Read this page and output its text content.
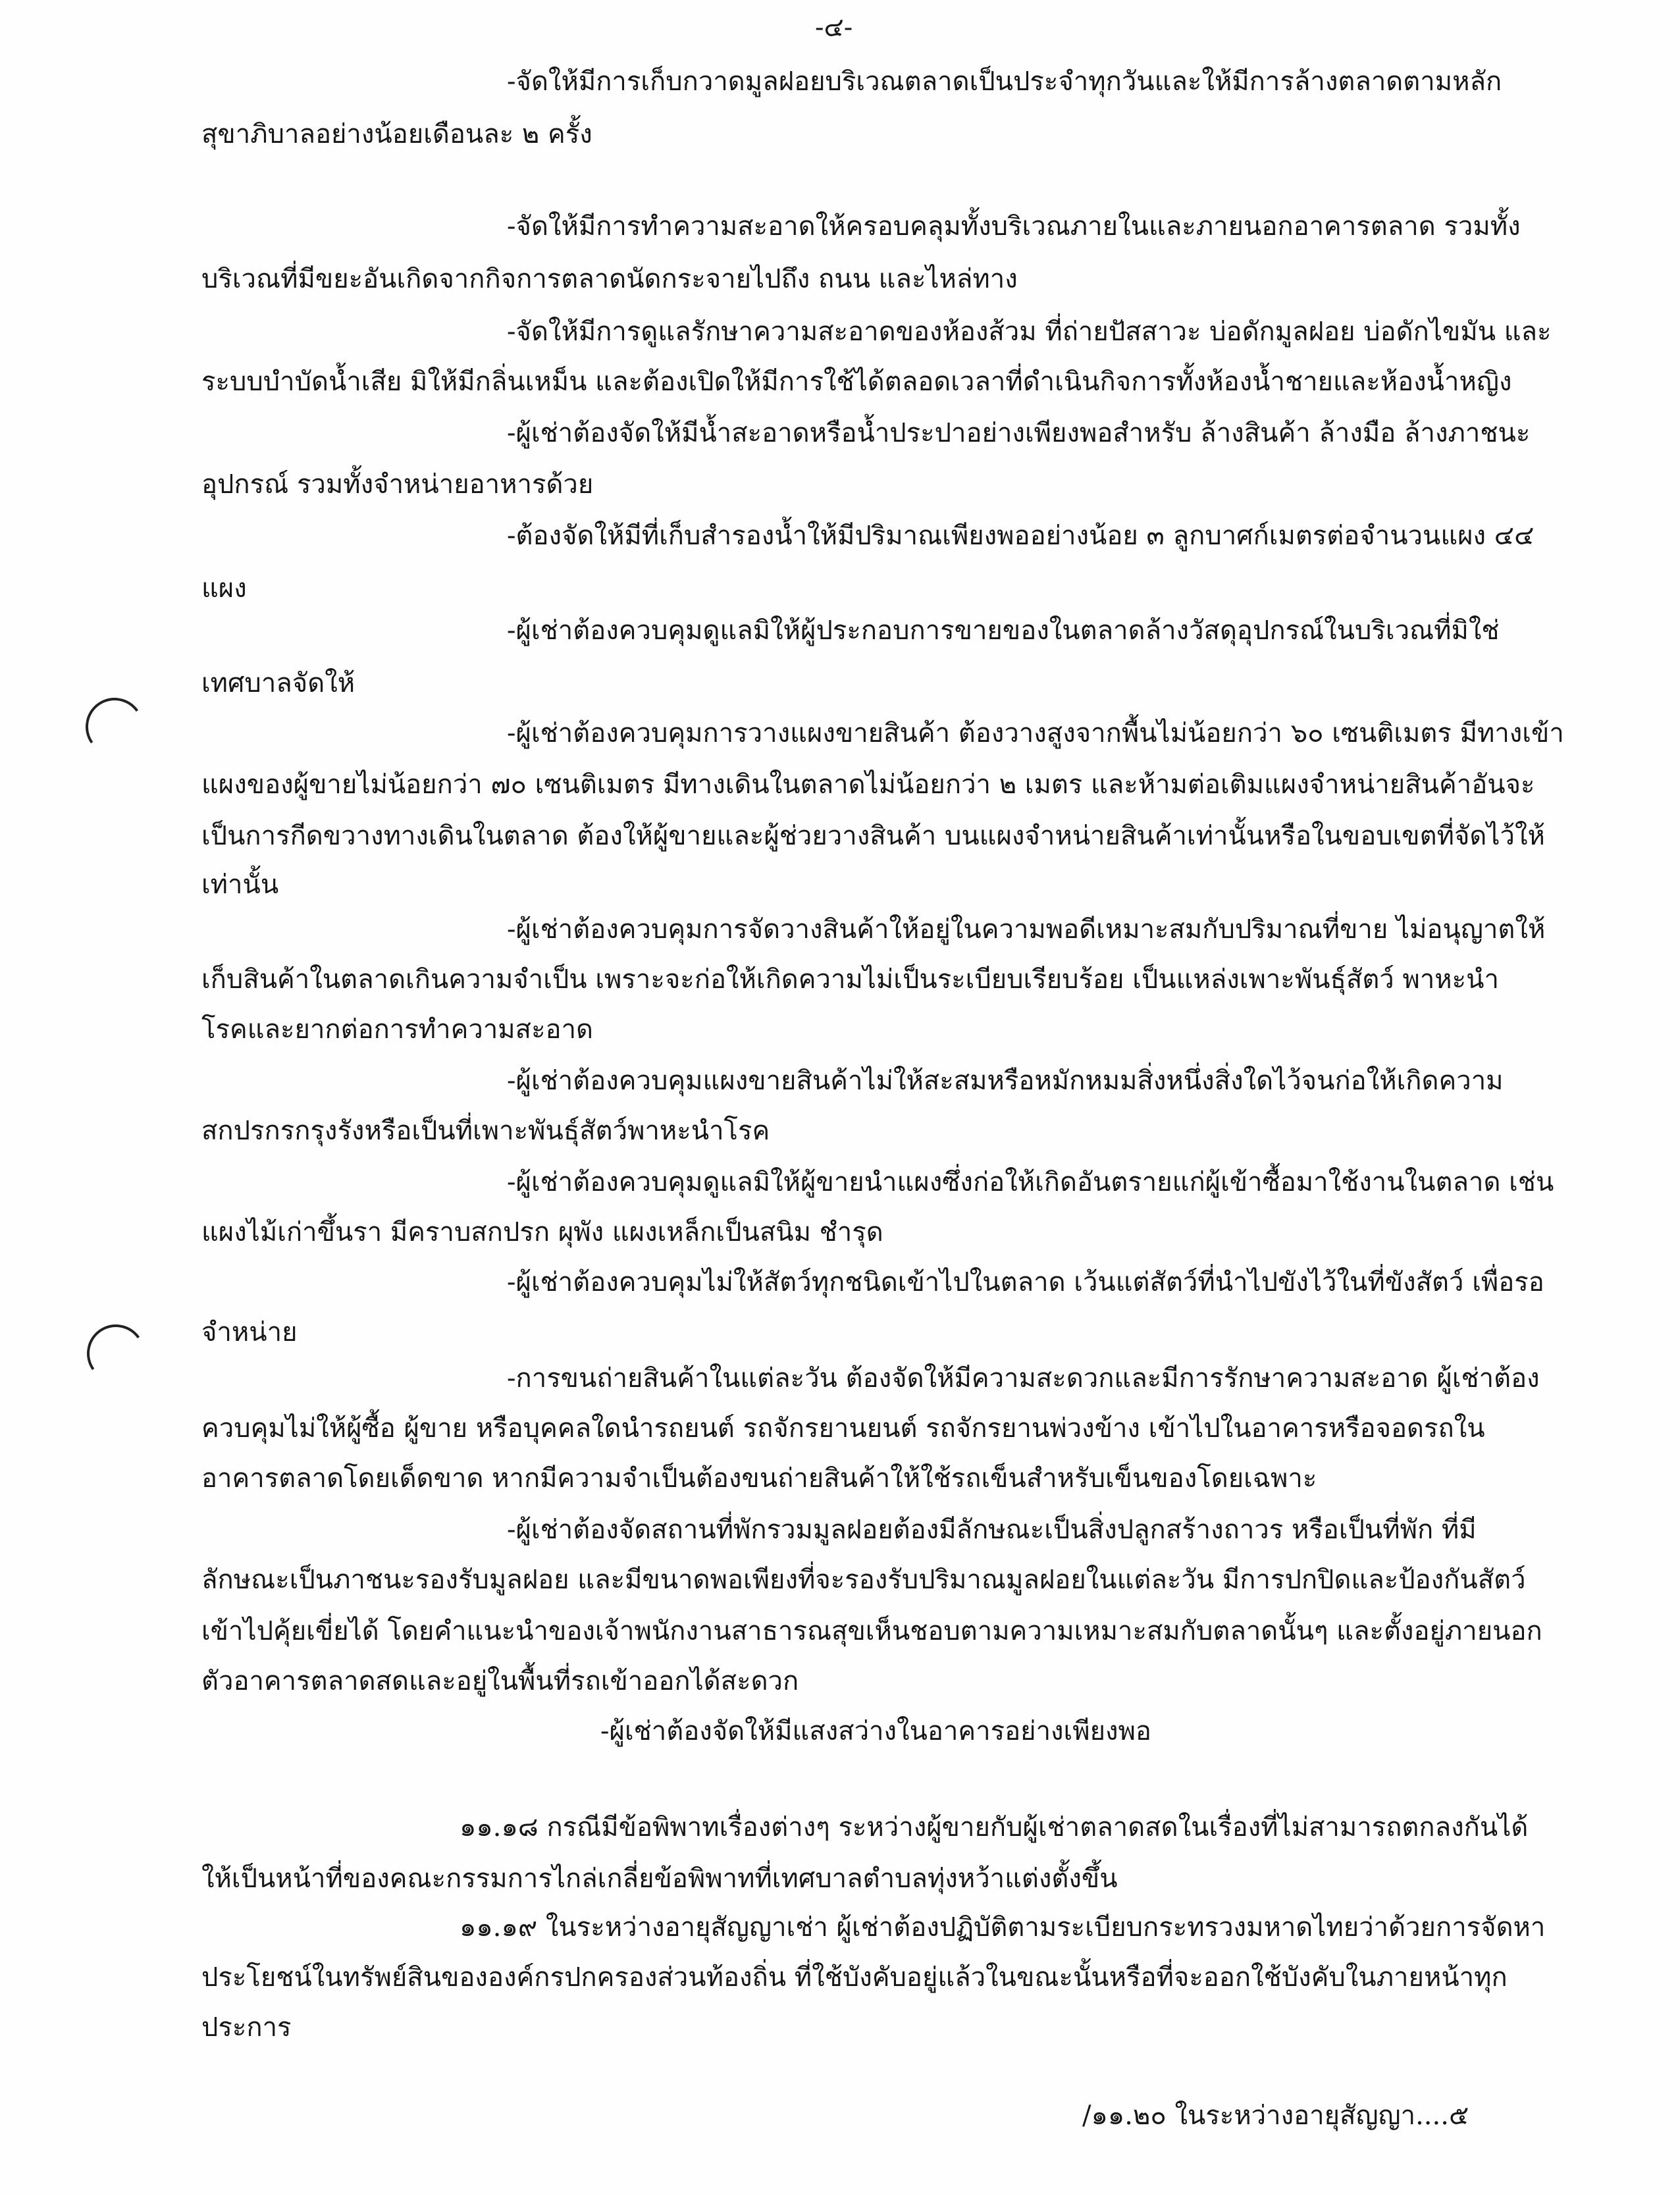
-๔-
-จัดให้มีการเก็บกวาดมูลฝอยบริเวณตลาดเป็นประจำทุกวันและให้มีการล้างตลาดตามหลัก
สุขาภิบาลอย่างน้อยเดือนละ ๒ ครั้ง
-จัดให้มีการทำความสะอาดให้ครอบคลุมทั้งบริเวณภายในและภายนอกอาคารตลาด รวมทั้ง
บริเวณที่มีขยะอันเกิดจากกิจการตลาดนัดกระจายไปถึง ถนน และไหล่ทาง
-จัดให้มีการดูแลรักษาความสะอาดของห้องส้วม ที่ถ่ายปัสสาวะ บ่อดักมูลฝอย บ่อดักไขมัน และ
ระบบบำบัดน้ำเสีย มิให้มีกลิ่นเหม็น และต้องเปิดให้มีการใช้ได้ตลอดเวลาที่ดำเนินกิจการทั้งห้องน้ำชายและห้องน้ำหญิง
-ผู้เช่าต้องจัดให้มีน้ำสะอาดหรือน้ำประปาอย่างเพียงพอสำหรับ ล้างสินค้า ล้างมือ ล้างภาชนะ
อุปกรณ์ รวมทั้งจำหน่ายอาหารด้วย
-ต้องจัดให้มีที่เก็บสำรองน้ำให้มีปริมาณเพียงพออย่างน้อย ๓ ลูกบาศก์เมตรต่อจำนวนแผง ๔๔
แผง
-ผู้เช่าต้องควบคุมดูแลมิให้ผู้ประกอบการขายของในตลาดล้างวัสดุอุปกรณ์ในบริเวณที่มิใช่
เทศบาลจัดให้
-ผู้เช่าต้องควบคุมการวางแผงขายสินค้า ต้องวางสูงจากพื้นไม่น้อยกว่า ๖๐ เซนติเมตร มีทางเข้า
แผงของผู้ขายไม่น้อยกว่า ๗๐ เซนติเมตร มีทางเดินในตลาดไม่น้อยกว่า ๒ เมตร และห้ามต่อเติมแผงจำหน่ายสินค้าอันจะ
เป็นการกีดขวางทางเดินในตลาด ต้องให้ผู้ขายและผู้ช่วยวางสินค้า บนแผงจำหน่ายสินค้าเท่านั้นหรือในขอบเขตที่จัดไว้ให้
เท่านั้น
-ผู้เช่าต้องควบคุมการจัดวางสินค้าให้อยู่ในความพอดีเหมาะสมกับปริมาณที่ขาย ไม่อนุญาตให้
เก็บสินค้าในตลาดเกินความจำเป็น เพราะจะก่อให้เกิดความไม่เป็นระเบียบเรียบร้อย เป็นแหล่งเพาะพันธุ์สัตว์ พาหะนำ
โรคและยากต่อการทำความสะอาด
-ผู้เช่าต้องควบคุมแผงขายสินค้าไม่ให้สะสมหรือหมักหมมสิ่งหนึ่งสิ่งใดไว้จนก่อให้เกิดความ
สกปรกรกรุงรังหรือเป็นที่เพาะพันธุ์สัตว์พาหะนำโรค
-ผู้เช่าต้องควบคุมดูแลมิให้ผู้ขายนำแผงซึ่งก่อให้เกิดอันตรายแก่ผู้เข้าซื้อมาใช้งานในตลาด เช่น
แผงไม้เก่าขึ้นรา มีคราบสกปรก ผุพัง แผงเหล็กเป็นสนิม ชำรุด
-ผู้เช่าต้องควบคุมไม่ให้สัตว์ทุกชนิดเข้าไปในตลาด เว้นแต่สัตว์ที่นำไปขังไว้ในที่ขังสัตว์ เพื่อรอ
จำหน่าย
-การขนถ่ายสินค้าในแต่ละวัน ต้องจัดให้มีความสะดวกและมีการรักษาความสะอาด ผู้เช่าต้อง
ควบคุมไม่ให้ผู้ซื้อ ผู้ขาย หรือบุคคลใดนำรถยนต์ รถจักรยานยนต์ รถจักรยานพ่วงข้าง เข้าไปในอาคารหรือจอดรถใน
อาคารตลาดโดยเด็ดขาด หากมีความจำเป็นต้องขนถ่ายสินค้าให้ใช้รถเข็นสำหรับเข็นของโดยเฉพาะ
-ผู้เช่าต้องจัดสถานที่พักรวมมูลฝอยต้องมีลักษณะเป็นสิ่งปลูกสร้างถาวร หรือเป็นที่พัก ที่มี
ลักษณะเป็นภาชนะรองรับมูลฝอย และมีขนาดพอเพียงที่จะรองรับปริมาณมูลฝอยในแต่ละวัน มีการปกปิดและป้องกันสัตว์
เข้าไปคุ้ยเขี่ยได้ โดยคำแนะนำของเจ้าพนักงานสาธารณสุขเห็นชอบตามความเหมาะสมกับตลาดนั้นๆ และตั้งอยู่ภายนอก
ตัวอาคารตลาดสดและอยู่ในพื้นที่รถเข้าออกได้สะดวก
-ผู้เช่าต้องจัดให้มีแสงสว่างในอาคารอย่างเพียงพอ
๑๑.๑๘ กรณีมีข้อพิพาทเรื่องต่างๆ ระหว่างผู้ขายกับผู้เช่าตลาดสดในเรื่องที่ไม่สามารถตกลงกันได้
ให้เป็นหน้าที่ของคณะกรรมการไกล่เกลี่ยข้อพิพาทที่เทศบาลตำบลทุ่งหว้าแต่งตั้งขึ้น
๑๑.๑๙ ในระหว่างอายุสัญญาเช่า ผู้เช่าต้องปฏิบัติตามระเบียบกระทรวงมหาดไทยว่าด้วยการจัดหา
ประโยชน์ในทรัพย์สินขององค์กรปกครองส่วนท้องถิ่น ที่ใช้บังคับอยู่แล้วในขณะนั้นหรือที่จะออกใช้บังคับในภายหน้าทุก
ประการ
/๑๑.๒๐ ในระหว่างอายุสัญญา....๕
